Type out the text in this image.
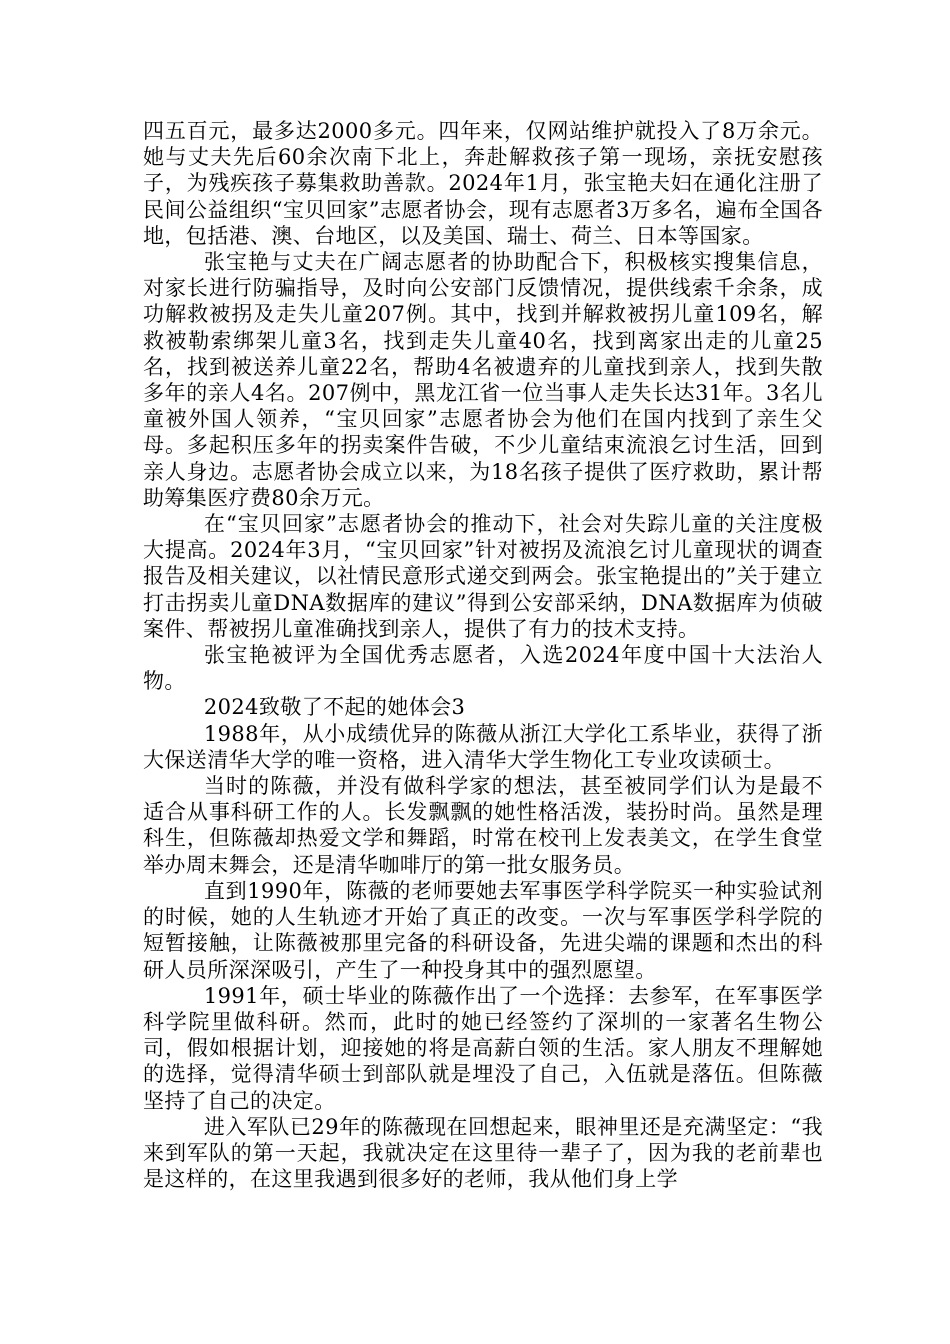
四五百元，最多达2000多元。四年来，仅网站维护就投入了8万余元。她与丈夫先后60余次南下北上，奔赴解救孩子第一现场，亲抚安慰孩子，为残疾孩子募集救助善款。2024年1月，张宝艳夫妇在通化注册了民间公益组织“宝贝回家”志愿者协会，现有志愿者3万多名，遍布全国各地，包括港、澳、台地区，以及美国、瑞士、荷兰、日本等国家。

张宝艳与丈夫在广阔志愿者的协助配合下，积极核实搜集信息，对家长进行防骗指导，及时向公安部门反馈情况，提供线索千余条，成功解救被拐及走失儿童207例。其中，找到并解救被拐儿童109名，解救被勒索绑架儿童3名，找到走失儿童40名，找到离家出走的儿童25名，找到被送养儿童22名，帮助4名被遗弃的儿童找到亲人，找到失散多年的亲人4名。207例中，黑龙江省一位当事人走失长达31年。3名儿童被外国人领养，“宝贝回家”志愿者协会为他们在国内找到了亲生父母。多起积压多年的拐卖案件告破，不少儿童结束流浪乞讨生活，回到亲人身边。志愿者协会成立以来，为18名孩子提供了医疗救助，累计帮助筹集医疗费80余万元。

在“宝贝回家”志愿者协会的推动下，社会对失踪儿童的关注度极大提高。2024年3月，“宝贝回家”针对被拐及流浪乞讨儿童现状的调查报告及相关建议，以社情民意形式递交到两会。张宝艳提出的”关于建立打击拐卖儿童DNA数据库的建议”得到公安部采纳，DNA数据库为侦破案件、帮被拐儿童准确找到亲人，提供了有力的技术支持。

张宝艳被评为全国优秀志愿者，入选2024年度中国十大法治人物。

2024致敬了不起的她体会3

1988年，从小成绩优异的陈薇从浙江大学化工系毕业，获得了浙大保送清华大学的唯一资格，进入清华大学生物化工专业攻读硕士。

当时的陈薇，并没有做科学家的想法，甚至被同学们认为是最不适合从事科研工作的人。长发飘飘的她性格活泼，装扮时尚。虽然是理科生，但陈薇却热爱文学和舞蹈，时常在校刊上发表美文，在学生食堂举办周末舞会，还是清华咖啡厅的第一批女服务员。

直到1990年，陈薇的老师要她去军事医学科学院买一种实验试剂的时候，她的人生轨迹才开始了真正的改变。一次与军事医学科学院的短暂接触，让陈薇被那里完备的科研设备，先进尖端的课题和杰出的科研人员所深深吸引，产生了一种投身其中的强烈愿望。

1991年，硕士毕业的陈薇作出了一个选择：去参军，在军事医学科学院里做科研。然而，此时的她已经签约了深圳的一家著名生物公司，假如根据计划，迎接她的将是高薪白领的生活。家人朋友不理解她的选择，觉得清华硕士到部队就是埋没了自己，入伍就是落伍。但陈薇坚持了自己的决定。

进入军队已29年的陈薇现在回想起来，眼神里还是充满坚定：“我来到军队的第一天起，我就决定在这里待一辈子了，因为我的老前辈也是这样的，在这里我遇到很多好的老师，我从他们身上学
